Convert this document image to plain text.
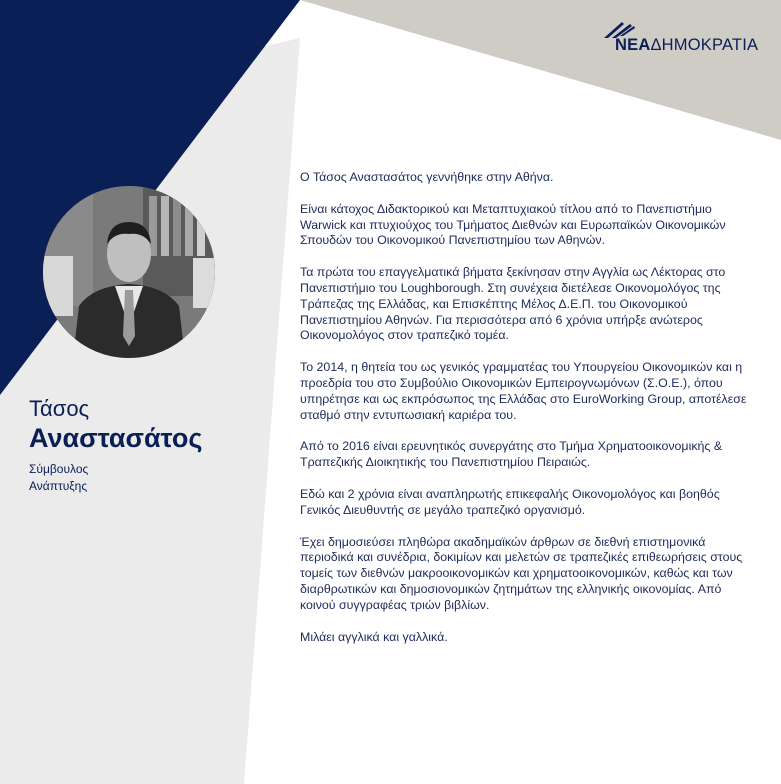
ΝΕΑΔΗΜΟΚΡΑΤΙΑ
Τάσος
Αναστασάτος
Σύμβουλος
Ανάπτυξης

Ο Τάσος Αναστασάτος γεννήθηκε στην Αθήνα.

Είναι κάτοχος Διδακτορικού και Μεταπτυχιακού τίτλου από το Πανεπιστήμιο Warwick και πτυχιούχος του Τμήματος Διεθνών και Ευρωπαϊκών Οικονομικών Σπουδών του Οικονομικού Πανεπιστημίου των Αθηνών.

Τα πρώτα του επαγγελματικά βήματα ξεκίνησαν στην Αγγλία ως Λέκτορας στο Πανεπιστήμιο του Loughborough. Στη συνέχεια διετέλεσε Οικονομολόγος της Τράπεζας της Ελλάδας, και Επισκέπτης Μέλος Δ.Ε.Π. του Οικονομικού Πανεπιστημίου Αθηνών. Για περισσότερα από 6 χρόνια υπήρξε ανώτερος Οικονομολόγος στον τραπεζικό τομέα.

Το 2014, η θητεία του ως γενικός γραμματέας του Υπουργείου Οικονομικών και η προεδρία του στο Συμβούλιο Οικονομικών Εμπειρογνωμόνων (Σ.Ο.Ε.), όπου υπηρέτησε και ως εκπρόσωπος της Ελλάδας στο EuroWorking Group, αποτέλεσε σταθμό στην εντυπωσιακή καριέρα του.

Από το 2016 είναι ερευνητικός συνεργάτης στο Τμήμα Χρηματοοικονομικής & Τραπεζικής Διοικητικής του Πανεπιστημίου Πειραιώς.

Εδώ και 2 χρόνια είναι αναπληρωτής επικεφαλής Οικονομολόγος και βοηθός Γενικός Διευθυντής σε μεγάλο τραπεζικό οργανισμό.

Έχει δημοσιεύσει πληθώρα ακαδημαϊκών άρθρων σε διεθνή επιστημονικά περιοδικά και συνέδρια, δοκιμίων και μελετών σε τραπεζικές επιθεωρήσεις στους τομείς των διεθνών μακροοικονομικών και χρηματοοικονομικών, καθώς και των διαρθρωτικών και δημοσιονομικών ζητημάτων της ελληνικής οικονομίας. Από κοινού συγγραφέας τριών βιβλίων.

Μιλάει αγγλικά και γαλλικά.
